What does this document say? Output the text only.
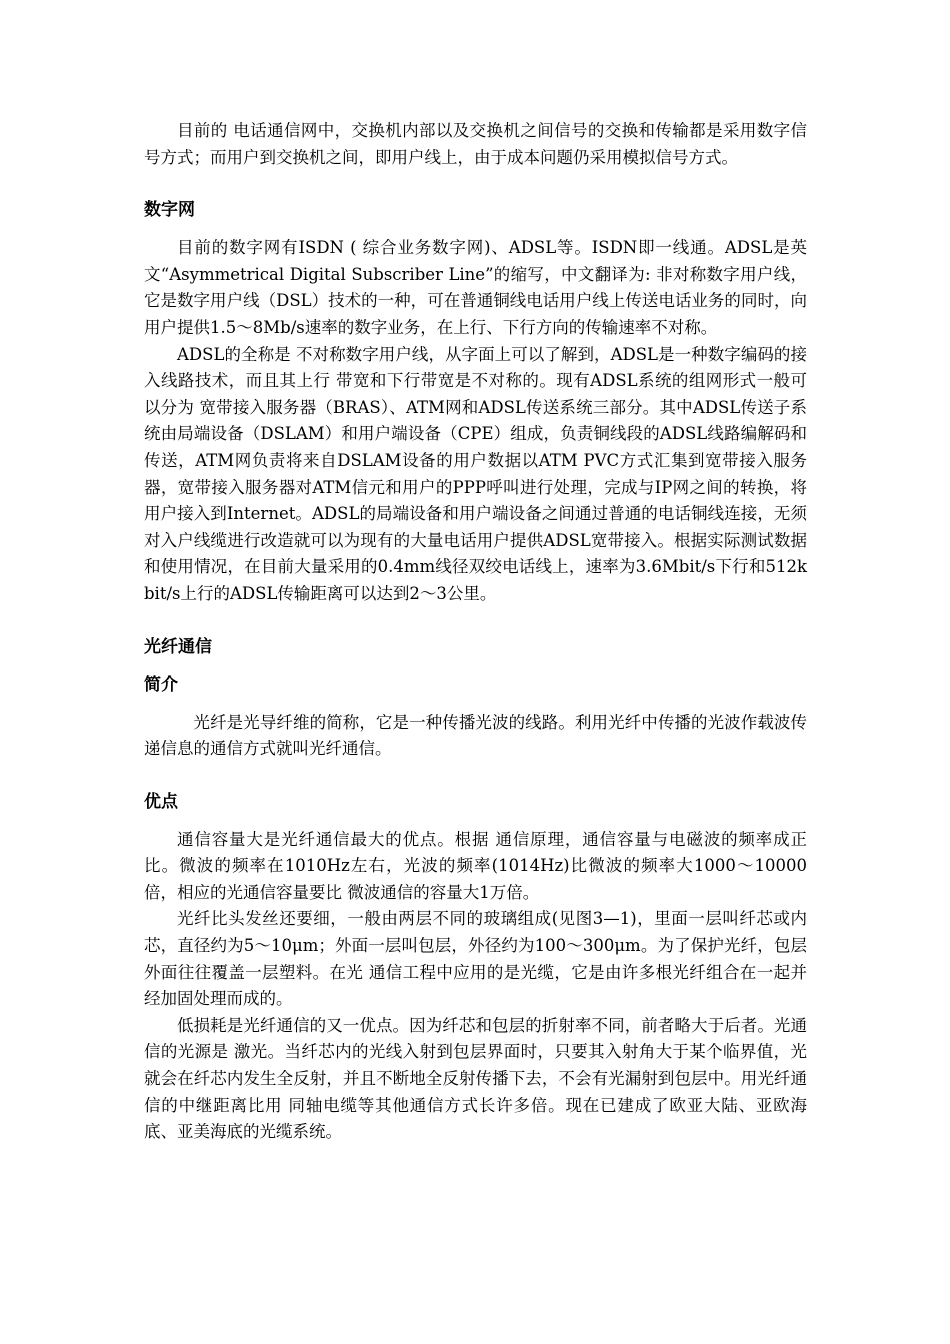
目前的 电话通信网中，交换机内部以及交换机之间信号的交换和传输都是采用数字信号方式；而用户到交换机之间，即用户线上，由于成本问题仍采用模拟信号方式。

数字网

目前的数字网有ISDN ( 综合业务数字网)、ADSL等。ISDN即一线通。ADSL是英文“Asymmetrical Digital Subscriber Line”的缩写，中文翻译为: 非对称数字用户线，它是数字用户线（DSL）技术的一种，可在普通铜线电话用户线上传送电话业务的同时，向用户提供1.5～8Mb/s速率的数字业务，在上行、下行方向的传输速率不对称。

ADSL的全称是 不对称数字用户线，从字面上可以了解到，ADSL是一种数字编码的接入线路技术，而且其上行 带宽和下行带宽是不对称的。现有ADSL系统的组网形式一般可以分为 宽带接入服务器（BRAS）、ATM网和ADSL传送系统三部分。其中ADSL传送子系统由局端设备（DSLAM）和用户端设备（CPE）组成，负责铜线段的ADSL线路编解码和传送，ATM网负责将来自DSLAM设备的用户数据以ATM PVC方式汇集到宽带接入服务器，宽带接入服务器对ATM信元和用户的PPP呼叫进行处理，完成与IP网之间的转换，将用户接入到Internet。ADSL的局端设备和用户端设备之间通过普通的电话铜线连接，无须对入户线缆进行改造就可以为现有的大量电话用户提供ADSL宽带接入。根据实际测试数据和使用情况，在目前大量采用的0.4mm线径双绞电话线上，速率为3.6Mbit/s下行和512kbit/s上行的ADSL传输距离可以达到2～3公里。

光纤通信
简介

光纤是光导纤维的简称，它是一种传播光波的线路。利用光纤中传播的光波作载波传递信息的通信方式就叫光纤通信。

优点

通信容量大是光纤通信最大的优点。根据 通信原理，通信容量与电磁波的频率成正比。微波的频率在1010Hz左右，光波的频率(1014Hz)比微波的频率大1000～10000倍，相应的光通信容量要比 微波通信的容量大1万倍。

光纤比头发丝还要细，一般由两层不同的玻璃组成(见图3—1)，里面一层叫纤芯或内芯，直径约为5～10μm；外面一层叫包层，外径约为100～300μm。为了保护光纤，包层外面往往覆盖一层塑料。在光 通信工程中应用的是光缆，它是由许多根光纤组合在一起并经加固处理而成的。

低损耗是光纤通信的又一优点。因为纤芯和包层的折射率不同，前者略大于后者。光通信的光源是 激光。当纤芯内的光线入射到包层界面时，只要其入射角大于某个临界值，光就会在纤芯内发生全反射，并且不断地全反射传播下去，不会有光漏射到包层中。用光纤通信的中继距离比用 同轴电缆等其他通信方式长许多倍。现在已建成了欧亚大陆、亚欧海底、亚美海底的光缆系统。
